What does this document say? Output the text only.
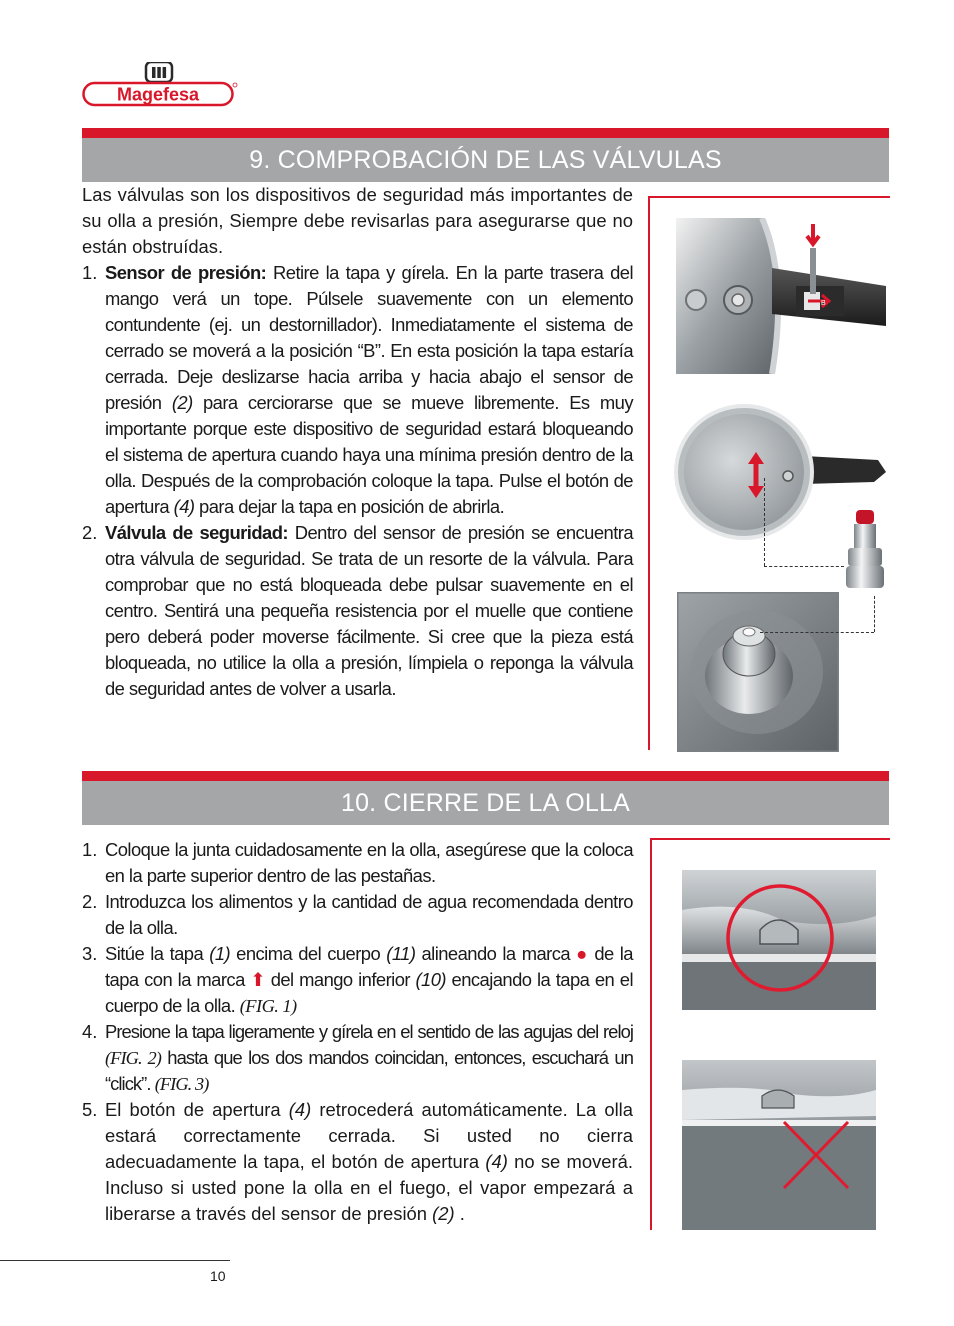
Magefesa
9. COMPROBACIÓN DE LAS VÁLVULAS

Las válvulas son los dispositivos de seguridad más importantes de su olla a presión, Siempre debe revisarlas para asegurarse que no están obstruídas.

1. Sensor de presión: Retire la tapa y gírela. En la parte trasera del mango verá un tope. Púlsele suavemente con un elemento contundente (ej. un destornillador). Inmediatamente el sistema de cerrado se moverá a la posición “B”. En esta posición la tapa estaría cerrada. Deje deslizarse hacia arriba y hacia abajo el sensor de presión (2) para cerciorarse que se mueve libremente. Es muy importante porque este dispositivo de seguridad estará bloqueando el sistema de apertura cuando haya una mínima presión dentro de la olla. Después de la comprobación coloque la tapa. Pulse el botón de apertura (4) para dejar la tapa en posición de abrirla.
2. Válvula de seguridad: Dentro del sensor de presión se encuentra otra válvula de seguridad. Se trata de un resorte de la válvula. Para comprobar que no está bloqueada debe pulsar suavemente en el centro. Sentirá una pequeña resistencia por el muelle que contiene pero deberá poder moverse fácilmente. Si cree que la pieza está bloqueada, no utilice la olla a presión, límpiela o reponga la válvula de seguridad antes de volver a usarla.
B
10. CIERRE DE LA OLLA
1. Coloque la junta cuidadosamente en la olla, asegúrese que la coloca en la parte superior dentro de las pestañas.
2. Introduzca los alimentos y la cantidad de agua recomendada dentro de la olla.
3. Sitúe la tapa (1) encima del cuerpo (11) alineando la marca ● de la tapa con la marca ⬆ del mango inferior (10) encajando la tapa en el cuerpo de la olla. (FIG. 1)
4. Presione la tapa ligeramente y gírela en el sentido de las agujas del reloj (FIG. 2) hasta que los dos mandos coincidan, entonces, escuchará un “click”. (FIG. 3)
5. El botón de apertura (4) retrocederá automáticamente. La olla estará correctamente cerrada. Si usted no cierra adecuadamente la tapa, el botón de apertura (4) no se moverá. Incluso si usted pone la olla en el fuego, el vapor empezará a liberarse a través del sensor de presión (2) .
10
